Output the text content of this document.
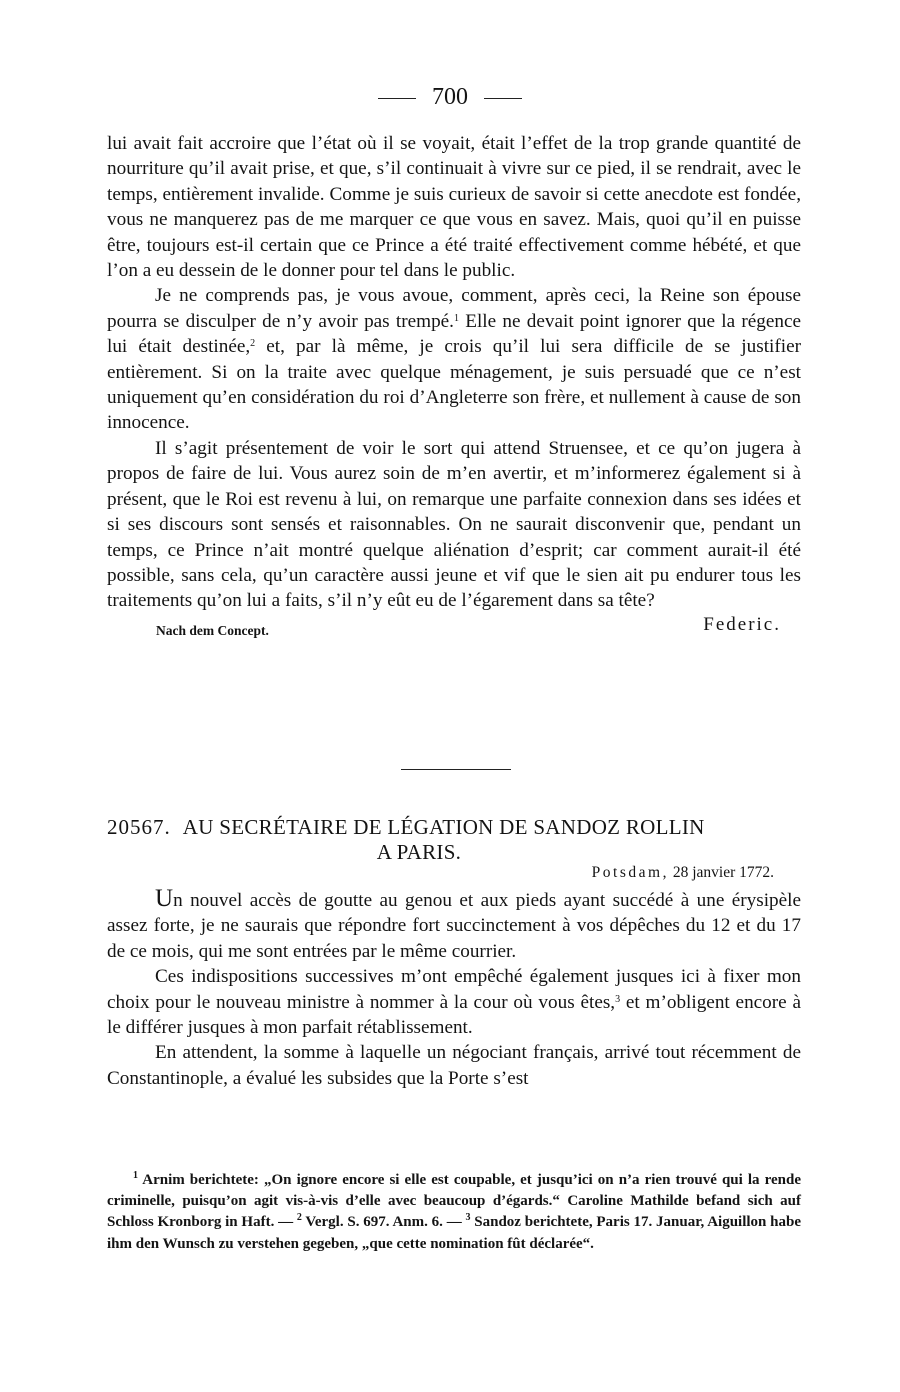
700

lui avait fait accroire que l’état où il se voyait, était l’effet de la trop grande quantité de nourriture qu’il avait prise, et que, s’il continuait à vivre sur ce pied, il se rendrait, avec le temps, entièrement invalide. Comme je suis curieux de savoir si cette anecdote est fondée, vous ne manquerez pas de me marquer ce que vous en savez. Mais, quoi qu’il en puisse être, toujours est-il certain que ce Prince a été traité effectivement comme hébété, et que l’on a eu dessein de le donner pour tel dans le public.

Je ne comprends pas, je vous avoue, comment, après ceci, la Reine son épouse pourra se disculper de n’y avoir pas trempé.$^1$ Elle ne devait point ignorer que la régence lui était destinée,$^2$ et, par là même, je crois qu’il lui sera difficile de se justifier entièrement. Si on la traite avec quelque ménagement, je suis persuadé que ce n’est uniquement qu’en considération du roi d’Angleterre son frère, et nullement à cause de son innocence.

Il s’agit présentement de voir le sort qui attend Struensee, et ce qu’on jugera à propos de faire de lui. Vous aurez soin de m’en avertir, et m’informerez également si à présent, que le Roi est revenu à lui, on remarque une parfaite connexion dans ses idées et si ses discours sont sensés et raisonnables. On ne saurait disconvenir que, pendant un temps, ce Prince n’ait montré quelque aliénation d’esprit; car comment aurait-il été possible, sans cela, qu’un caractère aussi jeune et vif que le sien ait pu endurer tous les traitements qu’on lui a faits, s’il n’y eût eu de l’égarement dans sa tête?

Nach dem Concept.	Federic.
20567. AU SECRÉTAIRE DE LÉGATION DE SANDOZ ROLLIN
A PARIS.
Potsdam, 28 janvier 1772.

Un nouvel accès de goutte au genou et aux pieds ayant succédé à une érysipèle assez forte, je ne saurais que répondre fort succinctement à vos dépêches du 12 et du 17 de ce mois, qui me sont entrées par le même courrier.

Ces indispositions successives m’ont empêché également jusques ici à fixer mon choix pour le nouveau ministre à nommer à la cour où vous êtes,$^3$ et m’obligent encore à le différer jusques à mon parfait rétablissement.

En attendent, la somme à laquelle un négociant français, arrivé tout récemment de Constantinople, a évalué les subsides que la Porte s’est

$^1$ Arnim berichtete: „On ignore encore si elle est coupable, et jusqu’ici on n’a rien trouvé qui la rende criminelle, puisqu’on agit vis-à-vis d’elle avec beaucoup d’égards.“ Caroline Mathilde befand sich auf Schloss Kronborg in Haft. — $^2$ Vergl. S. 697. Anm. 6. — $^3$ Sandoz berichtete, Paris 17. Januar, Aiguillon habe ihm den Wunsch zu verstehen gegeben, „que cette nomination fût déclarée“.
